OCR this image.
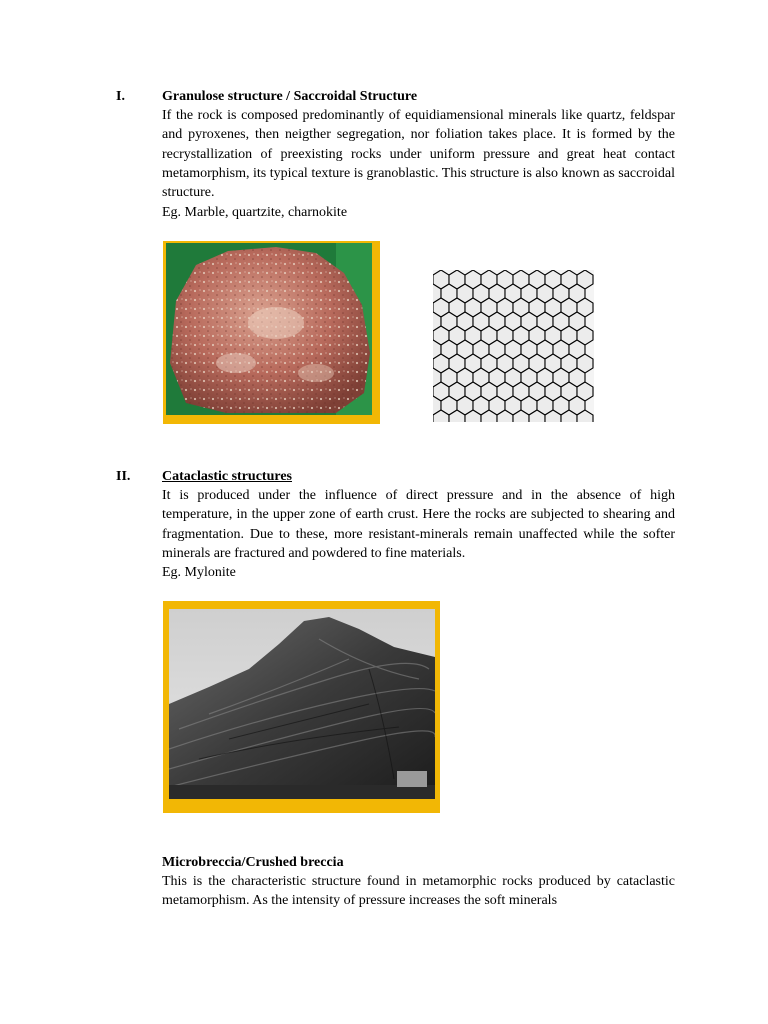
I.	Granulose structure / Saccroidal Structure

If the rock is composed predominantly of equidiamensional minerals like quartz, feldspar and pyroxenes, then neigther segregation, nor foliation takes place. It is formed by the recrystallization of preexisting rocks under uniform pressure and great heat contact metamorphism, its typical texture is granoblastic. This structure is also known as saccroidal structure.

Eg. Marble, quartzite, charnokite
II. Cataclastic structures

It is produced under the influence of direct pressure and in the absence of high temperature, in the upper zone of earth crust. Here the rocks are subjected to shearing and fragmentation. Due to these, more resistant-minerals remain unaffected while the softer minerals are fractured and powdered to fine materials.

Eg. Mylonite
Microbreccia/Crushed breccia

This is the characteristic structure found in metamorphic rocks produced by cataclastic metamorphism. As the intensity of pressure increases the soft minerals
